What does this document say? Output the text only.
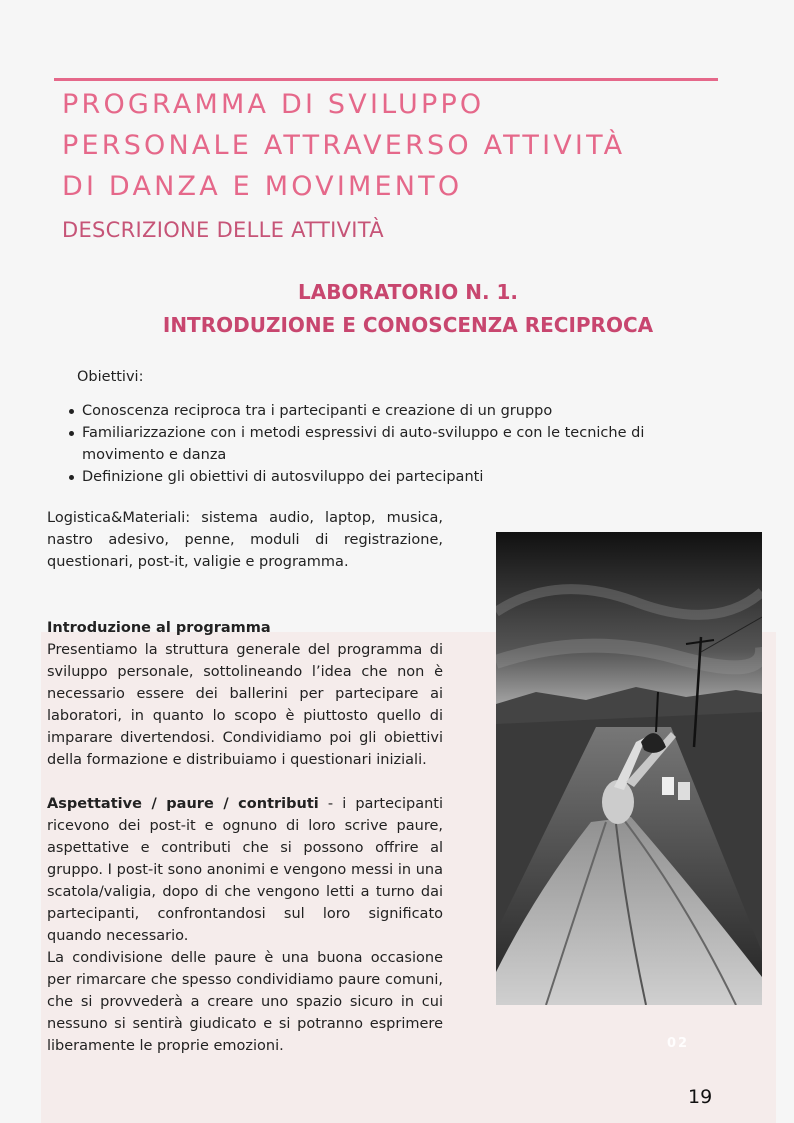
PROGRAMMA DI SVILUPPO
PERSONALE ATTRAVERSO ATTIVITÀ
DI DANZA E MOVIMENTO
DESCRIZIONE DELLE ATTIVITÀ
LABORATORIO N. 1.
INTRODUZIONE E CONOSCENZA RECIPROCA
Obiettivi:
Conoscenza reciproca tra i partecipanti e creazione di un gruppo
Familiarizzazione con i metodi espressivi di auto-sviluppo e con le tecniche di movimento e danza
Definizione gli obiettivi di autosviluppo dei partecipanti
Logistica&Materiali: sistema audio, laptop, musica, nastro adesivo, penne, moduli di registrazione, questionari, post-it, valigie e programma.

Introduzione al programma

Presentiamo la struttura generale del programma di sviluppo personale, sottolineando l’idea che non è necessario essere dei ballerini per partecipare ai laboratori, in quanto lo scopo è piuttosto quello di imparare divertendosi. Condividiamo poi gli obiettivi della formazione e distribuiamo i questionari iniziali.

Aspettative / paure / contributi - i partecipanti ricevono dei post-it e ognuno di loro scrive paure, aspettative e contributi che si possono offrire al gruppo. I post-it sono anonimi e vengono messi in una scatola/valigia, dopo di che vengono letti a turno dai partecipanti, confrontandosi sul loro significato quando necessario.

La condivisione delle paure è una buona occasione per rimarcare che spesso condividiamo paure comuni, che si provvederà a creare uno spazio sicuro in cui nessuno si sentirà giudicato e si potranno esprimere liberamente le proprie emozioni.	02
19
